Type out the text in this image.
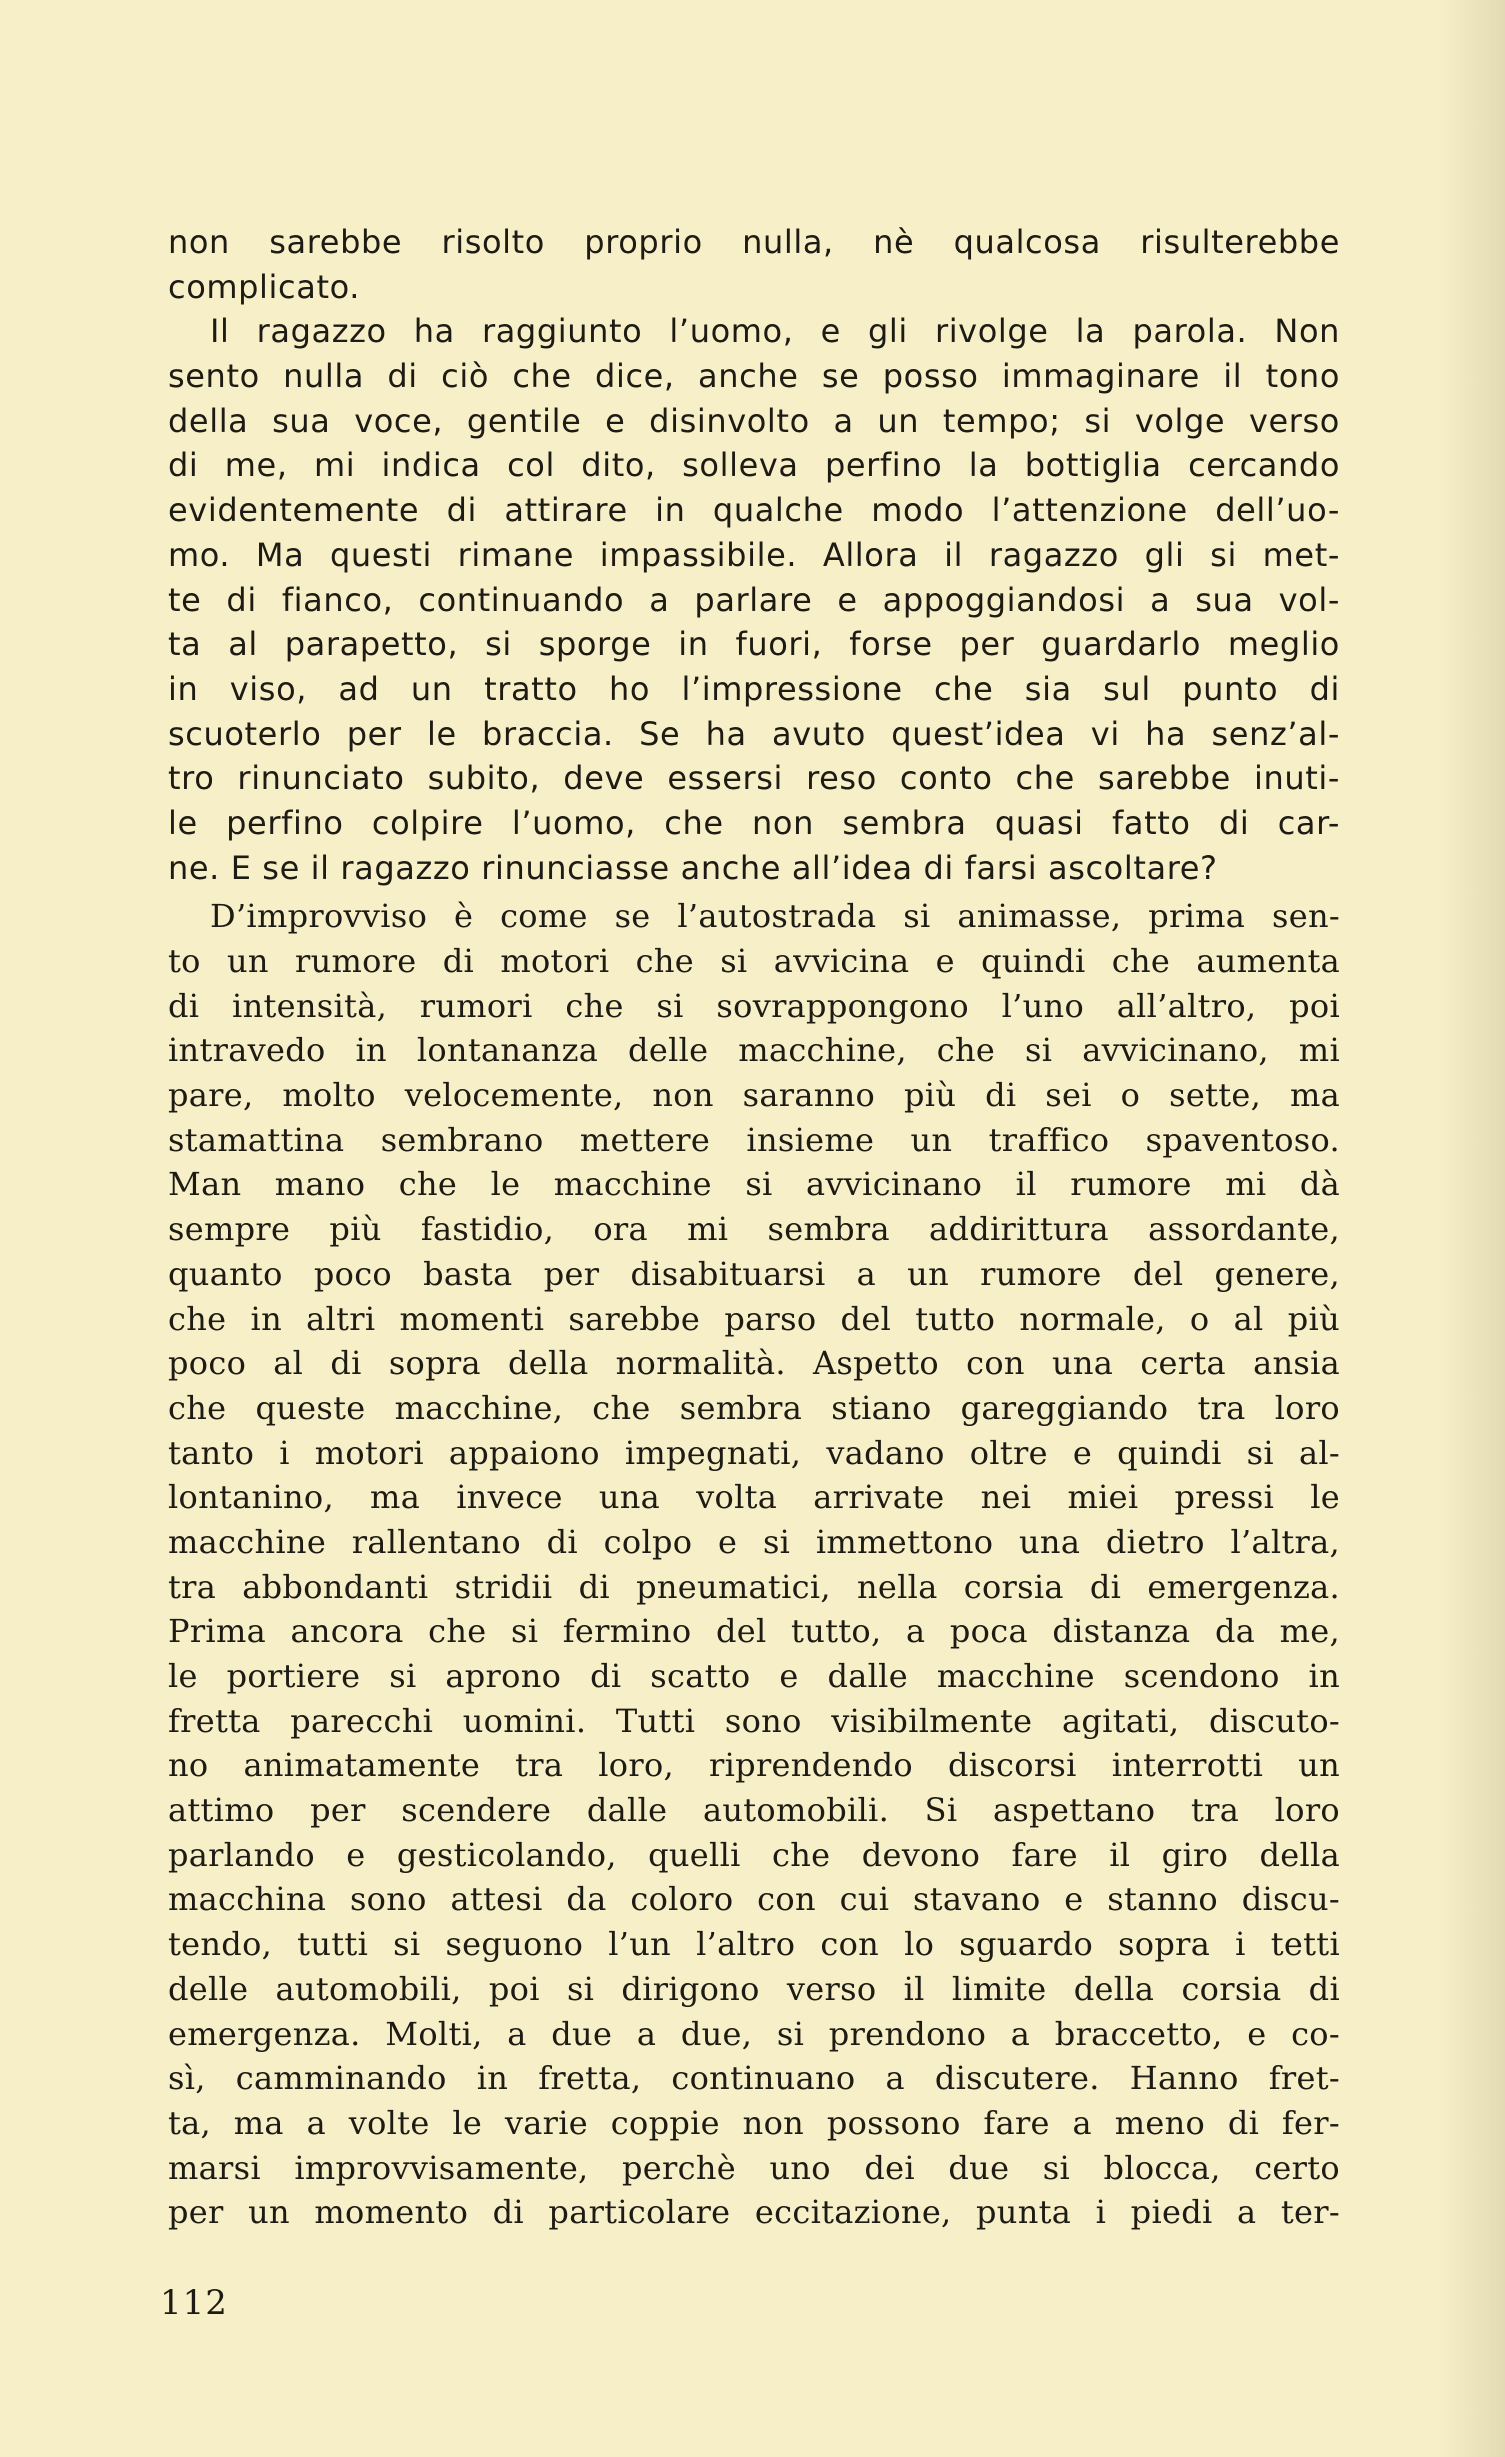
non sarebbe risolto proprio nulla, nè qualcosa risulterebbe
complicato.
Il ragazzo ha raggiunto l’uomo, e gli rivolge la parola. Non
sento nulla di ciò che dice, anche se posso immaginare il tono
della sua voce, gentile e disinvolto a un tempo; si volge verso
di me, mi indica col dito, solleva perfino la bottiglia cercando
evidentemente di attirare in qualche modo l’attenzione dell’uo-
mo. Ma questi rimane impassibile. Allora il ragazzo gli si met-
te di fianco, continuando a parlare e appoggiandosi a sua vol-
ta al parapetto, si sporge in fuori, forse per guardarlo meglio
in viso, ad un tratto ho l’impressione che sia sul punto di
scuoterlo per le braccia. Se ha avuto quest’idea vi ha senz’al-
tro rinunciato subito, deve essersi reso conto che sarebbe inuti-
le perfino colpire l’uomo, che non sembra quasi fatto di car-
ne. E se il ragazzo rinunciasse anche all’idea di farsi ascoltare?
D’improvviso è come se l’autostrada si animasse, prima sen-
to un rumore di motori che si avvicina e quindi che aumenta
di intensità, rumori che si sovrappongono l’uno all’altro, poi
intravedo in lontananza delle macchine, che si avvicinano, mi
pare, molto velocemente, non saranno più di sei o sette, ma
stamattina sembrano mettere insieme un traffico spaventoso.
Man mano che le macchine si avvicinano il rumore mi dà
sempre più fastidio, ora mi sembra addirittura assordante,
quanto poco basta per disabituarsi a un rumore del genere,
che in altri momenti sarebbe parso del tutto normale, o al più
poco al di sopra della normalità. Aspetto con una certa ansia
che queste macchine, che sembra stiano gareggiando tra loro
tanto i motori appaiono impegnati, vadano oltre e quindi si al-
lontanino, ma invece una volta arrivate nei miei pressi le
macchine rallentano di colpo e si immettono una dietro l’altra,
tra abbondanti stridii di pneumatici, nella corsia di emergenza.
Prima ancora che si fermino del tutto, a poca distanza da me,
le portiere si aprono di scatto e dalle macchine scendono in
fretta parecchi uomini. Tutti sono visibilmente agitati, discuto-
no animatamente tra loro, riprendendo discorsi interrotti un
attimo per scendere dalle automobili. Si aspettano tra loro
parlando e gesticolando, quelli che devono fare il giro della
macchina sono attesi da coloro con cui stavano e stanno discu-
tendo, tutti si seguono l’un l’altro con lo sguardo sopra i tetti
delle automobili, poi si dirigono verso il limite della corsia di
emergenza. Molti, a due a due, si prendono a braccetto, e co-
sì, camminando in fretta, continuano a discutere. Hanno fret-
ta, ma a volte le varie coppie non possono fare a meno di fer-
marsi improvvisamente, perchè uno dei due si blocca, certo
per un momento di particolare eccitazione, punta i piedi a ter-
112
